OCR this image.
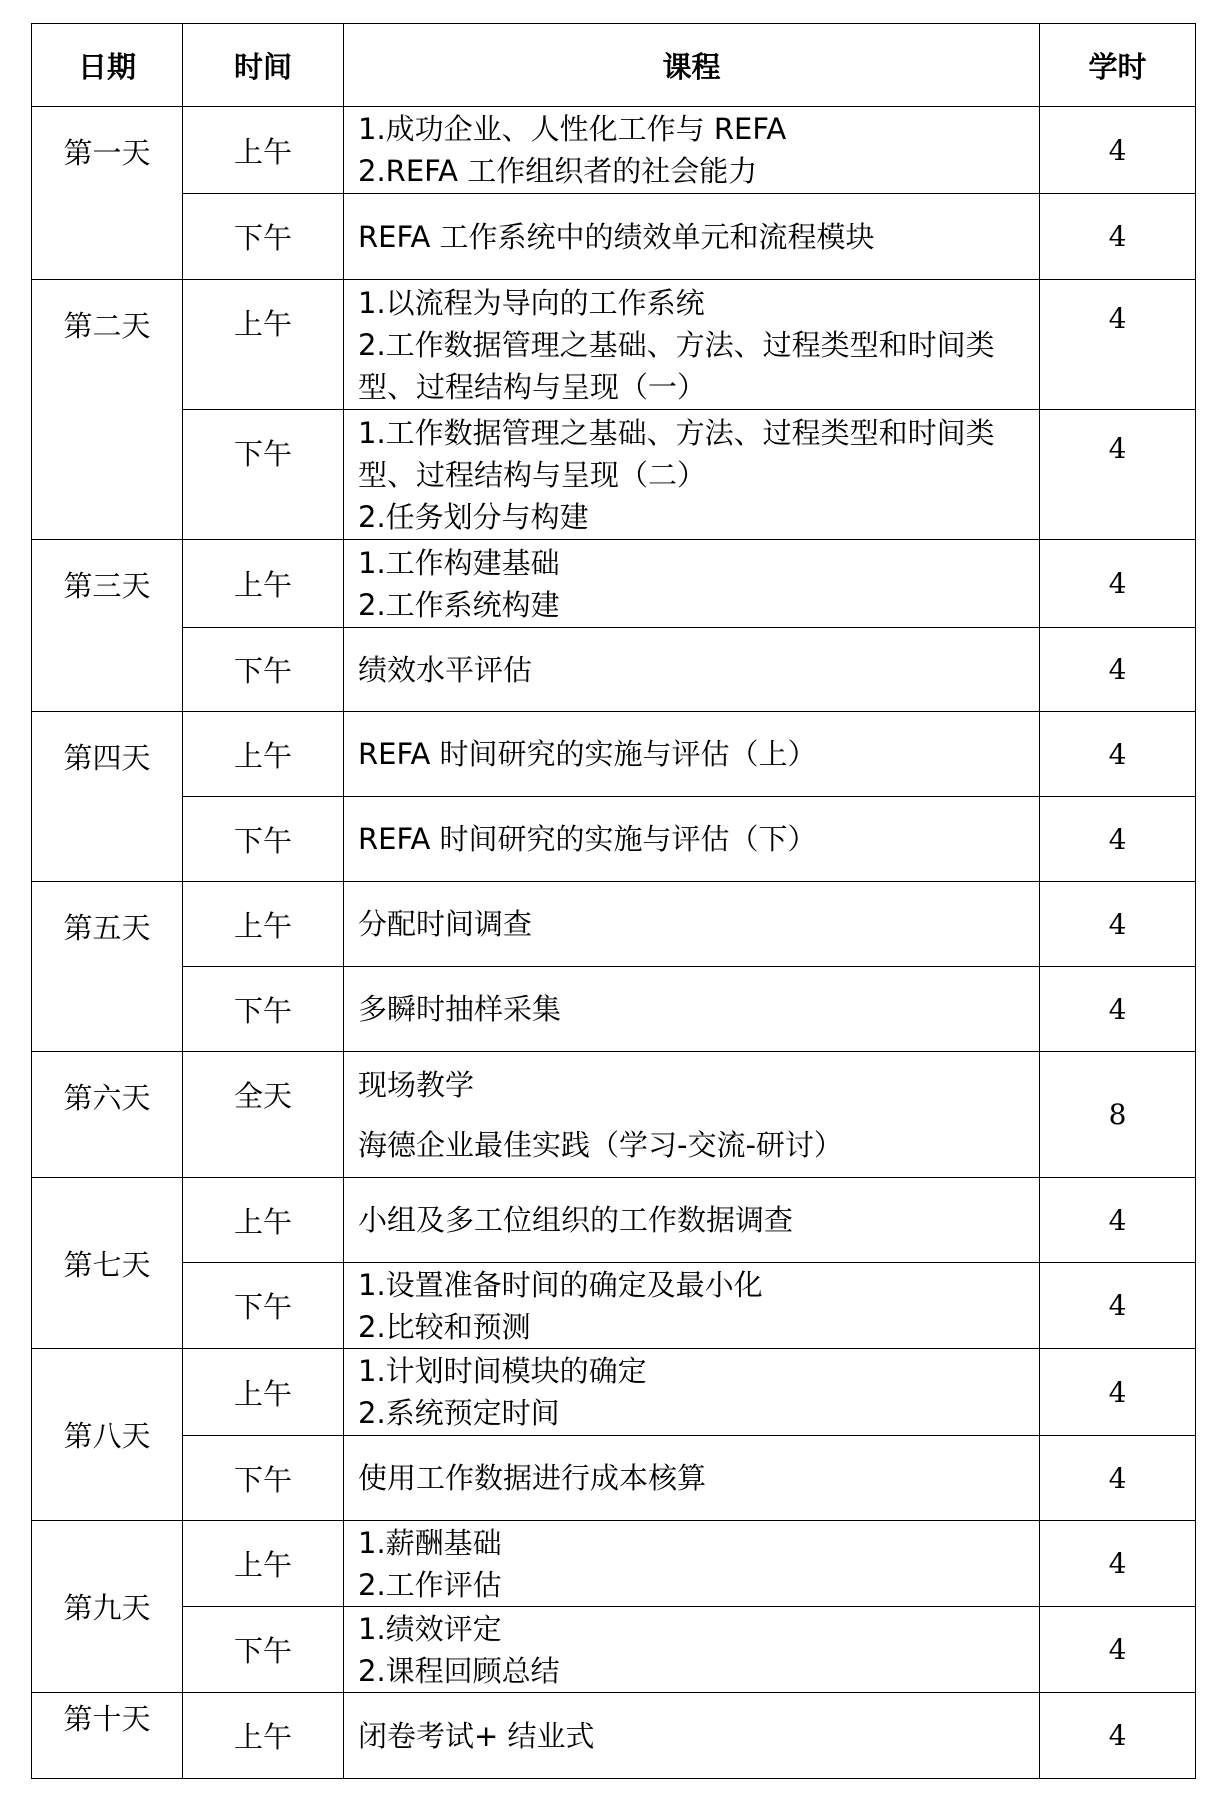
日期	时间	课程	学时

第一天	上午	1.成功企业、人性化工作与 REFA
2.REFA 工作组织者的社会能力	4
	下午	REFA 工作系统中的绩效单元和流程模块	4

第二天	上午	1.以流程为导向的工作系统
2.工作数据管理之基础、方法、过程类型和时间类型、过程结构与呈现（一）	4

	下午	1.工作数据管理之基础、方法、过程类型和时间类型、过程结构与呈现（二）
2.任务划分与构建	4

第三天	上午	1.工作构建基础
2.工作系统构建	4
	下午	绩效水平评估	4

第四天	上午	REFA 时间研究的实施与评估（上）	4
	下午	REFA 时间研究的实施与评估（下）	4

第五天	上午	分配时间调查	4
	下午	多瞬时抽样采集	4

第六天	全天	现场教学
海德企业最佳实践（学习-交流-研讨）	8
第七天	上午	小组及多工位组织的工作数据调查	4
	下午	1.设置准备时间的确定及最小化
2.比较和预测	4
第八天	上午	1.计划时间模块的确定
2.系统预定时间	4
	下午	使用工作数据进行成本核算	4
第九天	上午	1.薪酬基础
2.工作评估	4
	下午	1.绩效评定
2.课程回顾总结	4

第十天	上午	闭卷考试+ 结业式	4
